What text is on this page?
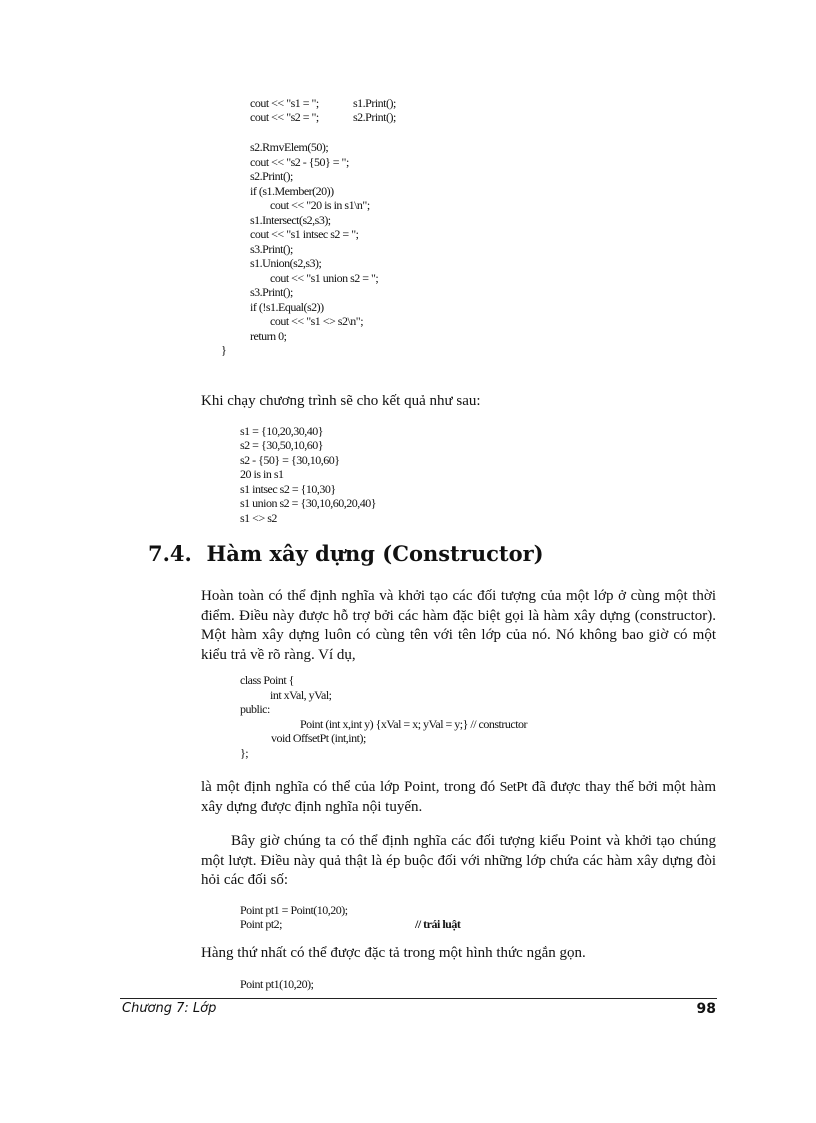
cout << "s1 = ";	s1.Print();
cout << "s2 = ";	s2.Print();
s2.RmvElem(50);
cout << "s2 - {50} = ";
s2.Print();
if (s1.Member(20))
cout << "20 is in s1\n";
s1.Intersect(s2,s3);
cout << "s1 intsec s2 = ";
s3.Print();
s1.Union(s2,s3);
cout << "s1 union s2 = ";
s3.Print();
if (!s1.Equal(s2))
cout << "s1 <> s2\n";
return 0;
}
Khi chạy chương trình sẽ cho kết quả như sau:
s1 = {10,20,30,40}
s2 = {30,50,10,60}
s2 - {50} = {30,10,60}
20 is in s1
s1 intsec s2 = {10,30}
s1 union s2 = {30,10,60,20,40}
s1 <> s2
7.4.  Hàm xây dựng (Constructor)
Hoàn toàn có thể định nghĩa và khởi tạo các đối tượng của một lớp ở cùng một thời điểm. Điều này được hỗ trợ bởi các hàm đặc biệt gọi là hàm xây dựng (constructor). Một hàm xây dựng luôn có cùng tên với tên lớp của nó. Nó không bao giờ có một kiểu trả về rõ ràng. Ví dụ,
class Point {
int xVal, yVal;
public:
Point (int x,int y) {xVal = x; yVal = y;} // constructor
void OffsetPt (int,int);
};
là một định nghĩa có thể của lớp Point, trong đó SetPt đã được thay thế bởi một hàm xây dựng được định nghĩa nội tuyến.
Bây giờ chúng ta có thể định nghĩa các đối tượng kiểu Point và khởi tạo chúng một lượt. Điều này quả thật là ép buộc đối với những lớp chứa các hàm xây dựng đòi hỏi các đối số:
Point pt1 = Point(10,20);
Point pt2;	// trái luật
Hàng thứ nhất có thể được đặc tả trong một hình thức ngắn gọn.
Point pt1(10,20);
Chương 7: Lớp	98
